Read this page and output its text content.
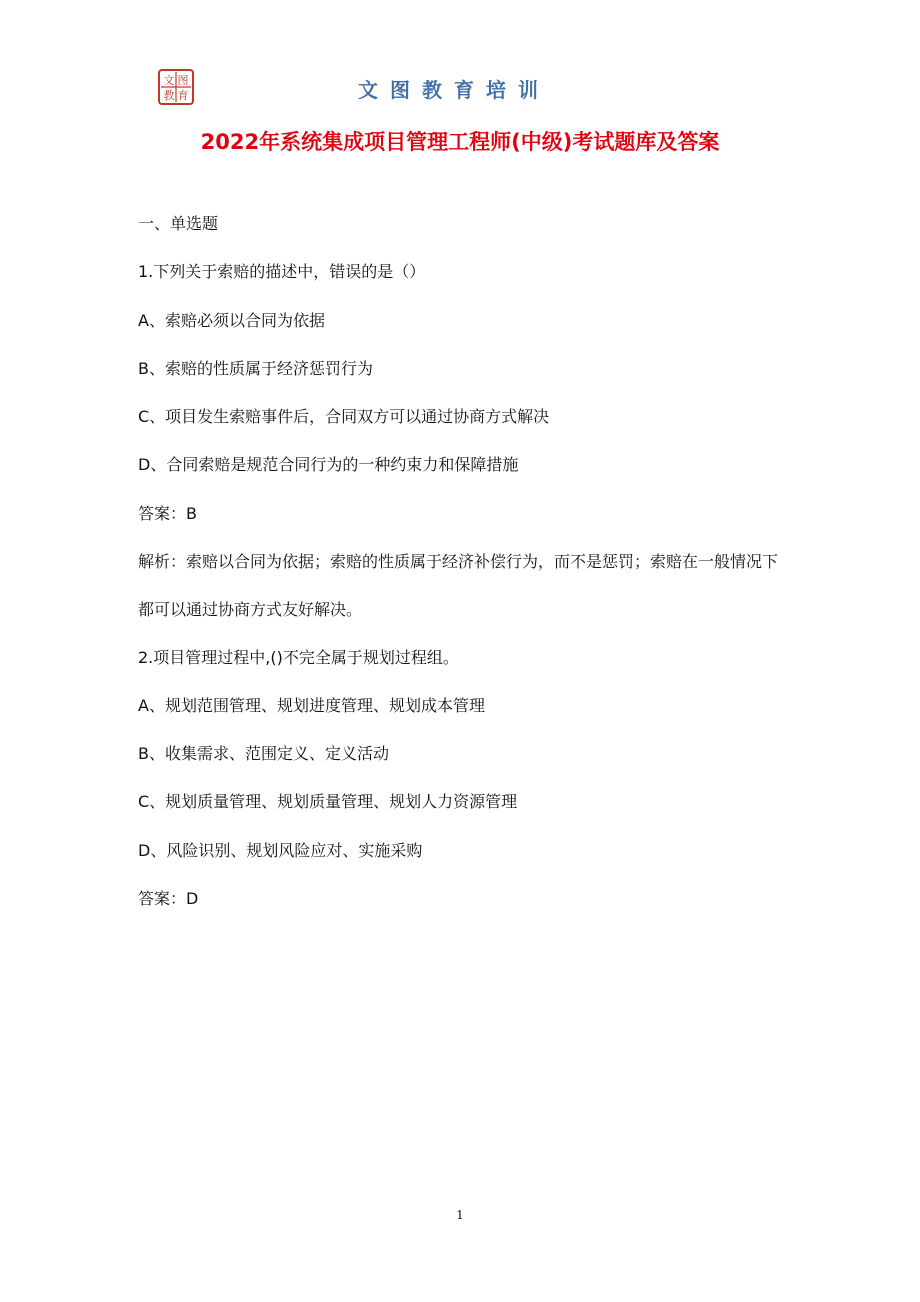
图
文
教 育	文图教育培训
2022年系统集成项目管理工程师(中级)考试题库及答案
一、单选题
1.下列关于索赔的描述中，错误的是（）
A、索赔必须以合同为依据
B、索赔的性质属于经济惩罚行为
C、项目发生索赔事件后，合同双方可以通过协商方式解决
D、合同索赔是规范合同行为的一种约束力和保障措施
答案：B
解析：索赔以合同为依据；索赔的性质属于经济补偿行为，而不是惩罚；索赔在一般情况下都可以通过协商方式友好解决。
2.项目管理过程中,()不完全属于规划过程组。
A、规划范围管理、规划进度管理、规划成本管理
B、收集需求、范围定义、定义活动
C、规划质量管理、规划质量管理、规划人力资源管理
D、风险识别、规划风险应对、实施采购
答案：D
1
